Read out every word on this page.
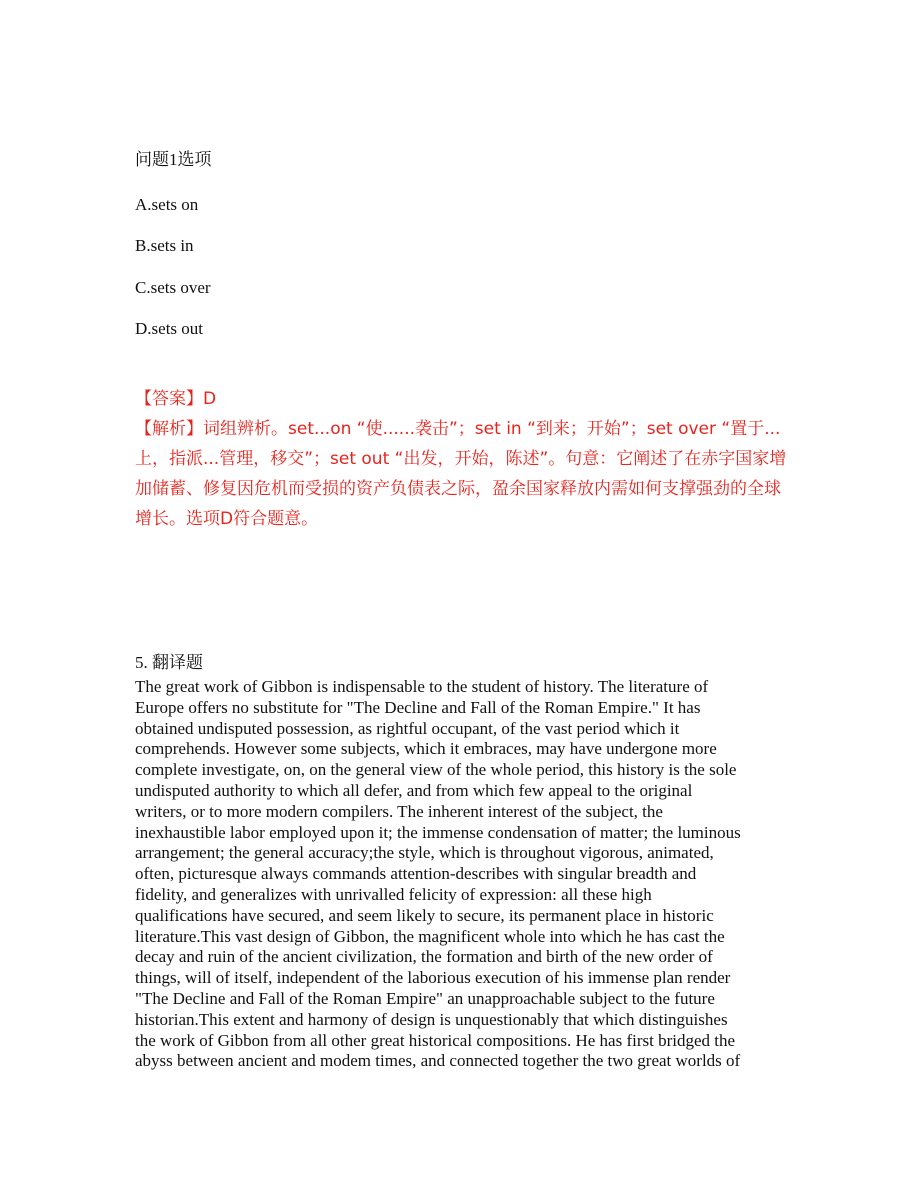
问题1选项

A.sets on

B.sets in

C.sets over

D.sets out

【答案】D

【解析】词组辨析。set...on “使......袭击”；set in “到来；开始”；set over “置于...上，指派...管理，移交”；set out “出发，开始，陈述”。句意：它阐述了在赤字国家增加储蓄、修复因危机而受损的资产负债表之际，盈余国家释放内需如何支撑强劲的全球增长。选项D符合题意。

5. 翻译题

The great work of Gibbon is indispensable to the student of history. The literature of
Europe offers no substitute for "The Decline and Fall of the Roman Empire." It has
obtained undisputed possession, as rightful occupant, of the vast period which it
comprehends. However some subjects, which it embraces, may have undergone more
complete investigate, on, on the general view of the whole period, this history is the sole
undisputed authority to which all defer, and from which few appeal to the original
writers, or to more modern compilers. The inherent interest of the subject, the
inexhaustible labor employed upon it; the immense condensation of matter; the luminous
arrangement; the general accuracy;the style, which is throughout vigorous, animated,
often, picturesque always commands attention-describes with singular breadth and
fidelity, and generalizes with unrivalled felicity of expression: all these high
qualifications have secured, and seem likely to secure, its permanent place in historic
literature.This vast design of Gibbon, the magnificent whole into which he has cast the
decay and ruin of the ancient civilization, the formation and birth of the new order of
things, will of itself, independent of the laborious execution of his immense plan render
"The Decline and Fall of the Roman Empire" an unapproachable subject to the future
historian.This extent and harmony of design is unquestionably that which distinguishes
the work of Gibbon from all other great historical compositions. He has first bridged the
abyss between ancient and modem times, and connected together the two great worlds of
